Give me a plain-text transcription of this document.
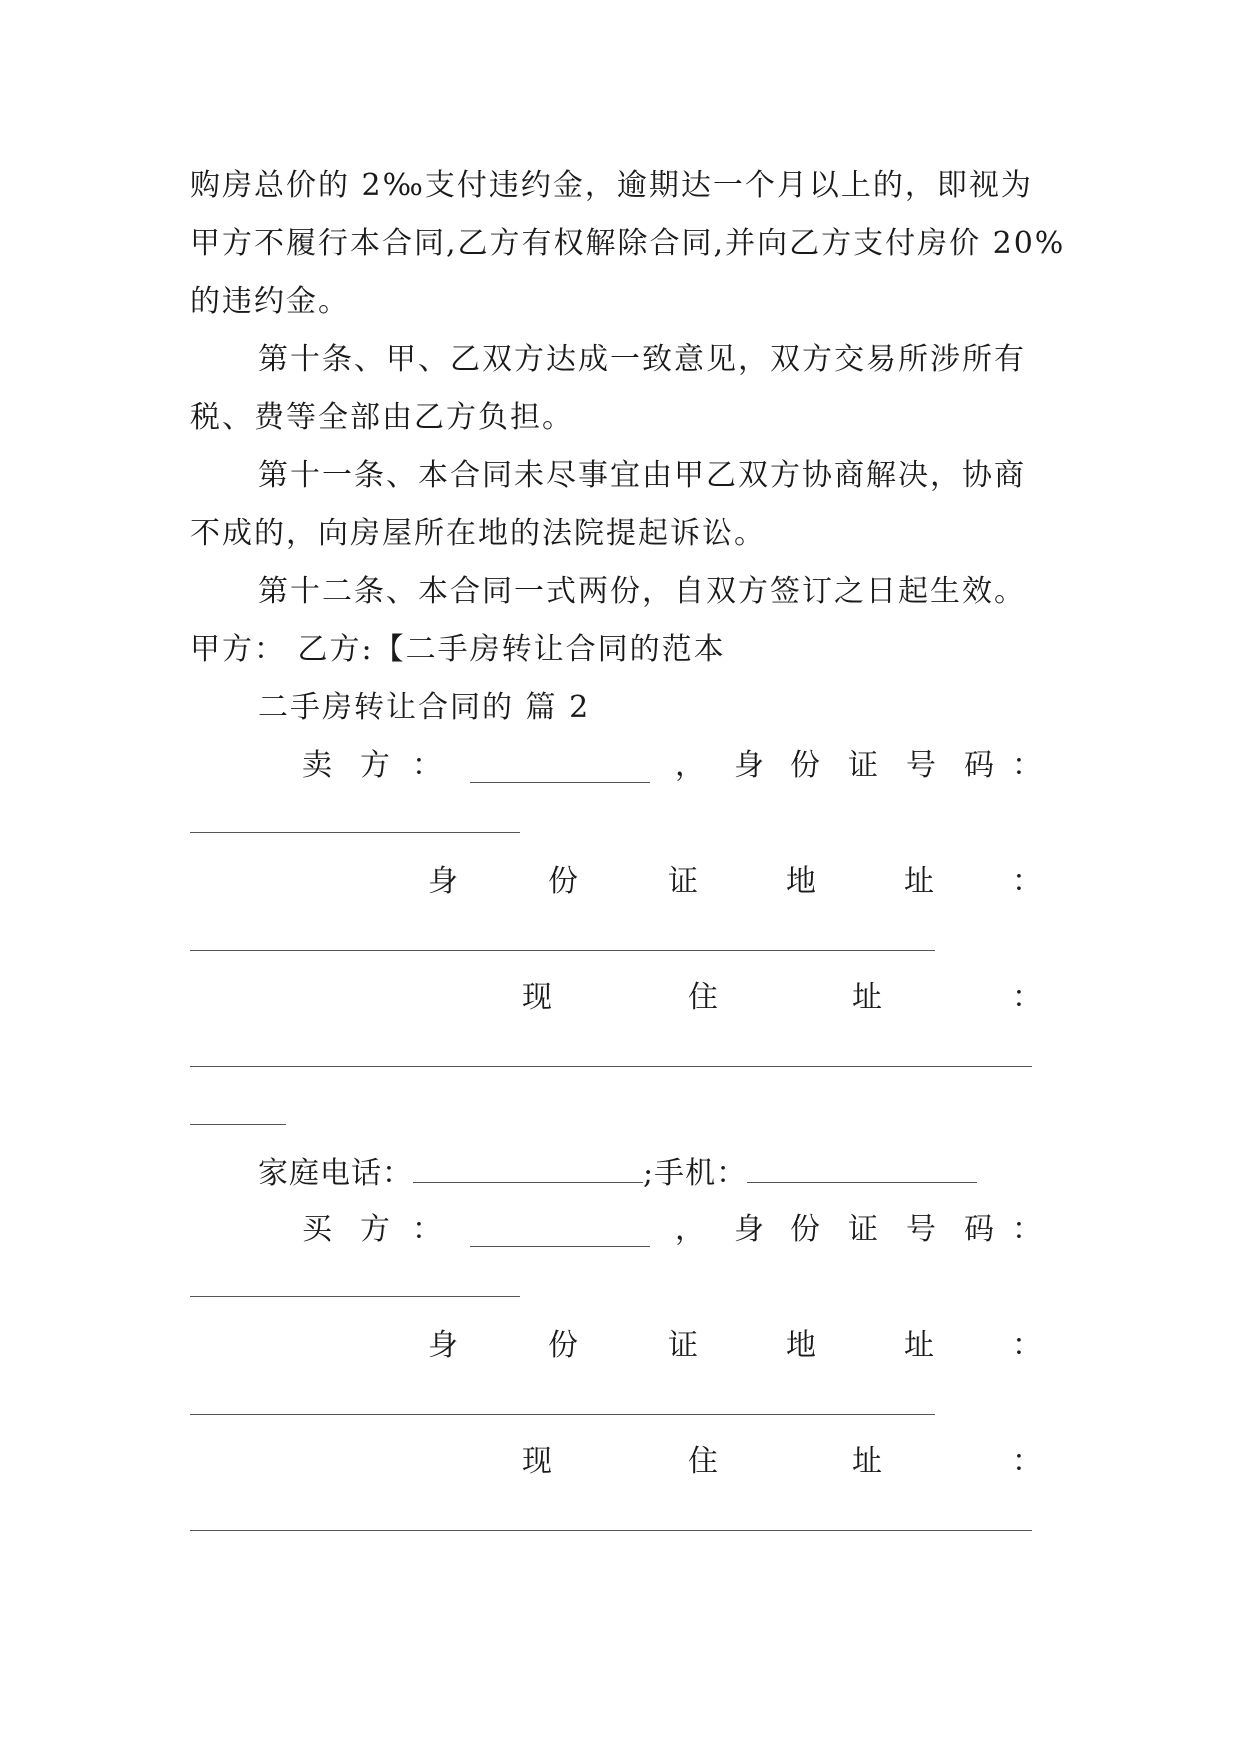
购房总价的 2‰支付违约金，逾期达一个月以上的，即视为
甲方不履行本合同,乙方有权解除合同,并向乙方支付房价 20%
的违约金。
第十条、甲、乙双方达成一致意见，双方交易所涉所有
税、费等全部由乙方负担。
第十一条、本合同未尽事宜由甲乙双方协商解决，协商
不成的，向房屋所在地的法院提起诉讼。
第十二条、本合同一式两份，自双方签订之日起生效。
甲方： 乙方:【二手房转让合同的范本
二手房转让合同的 篇 2
卖 方 ：	， 身 份 证 号 码 ：
身	份	证	地	址	：
现	住	址	：
家庭电话：	;手机：
买 方 ：	， 身 份 证 号 码 ：
身	份	证	地	址	：
现	住	址	：
